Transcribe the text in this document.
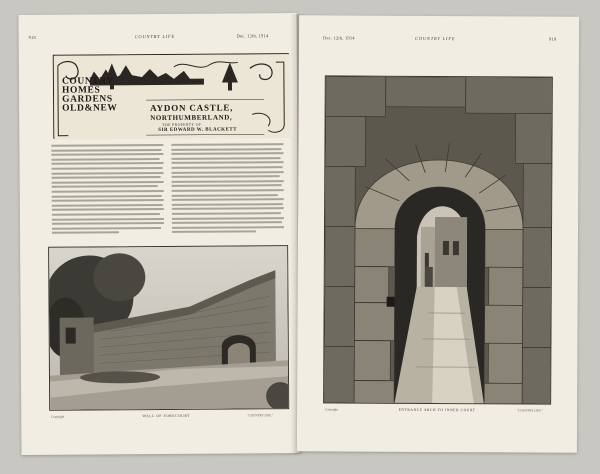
918	COUNTRY LIFE	Dec. 12th, 1914
COUNTRY
HOMES
GARDENS
OLD&NEW	AYDON CASTLE,
NORTHUMBERLAND,
THE PROPERTY OF
SIR EDWARD W. BLACKETT
Copyright	WALL OF FORECOURT	"COUNTRY LIFE."
Dec. 12th, 1914	COUNTRY LIFE	919
Copyright	ENTRANCE ARCH TO INNER COURT	"COUNTRY LIFE."
